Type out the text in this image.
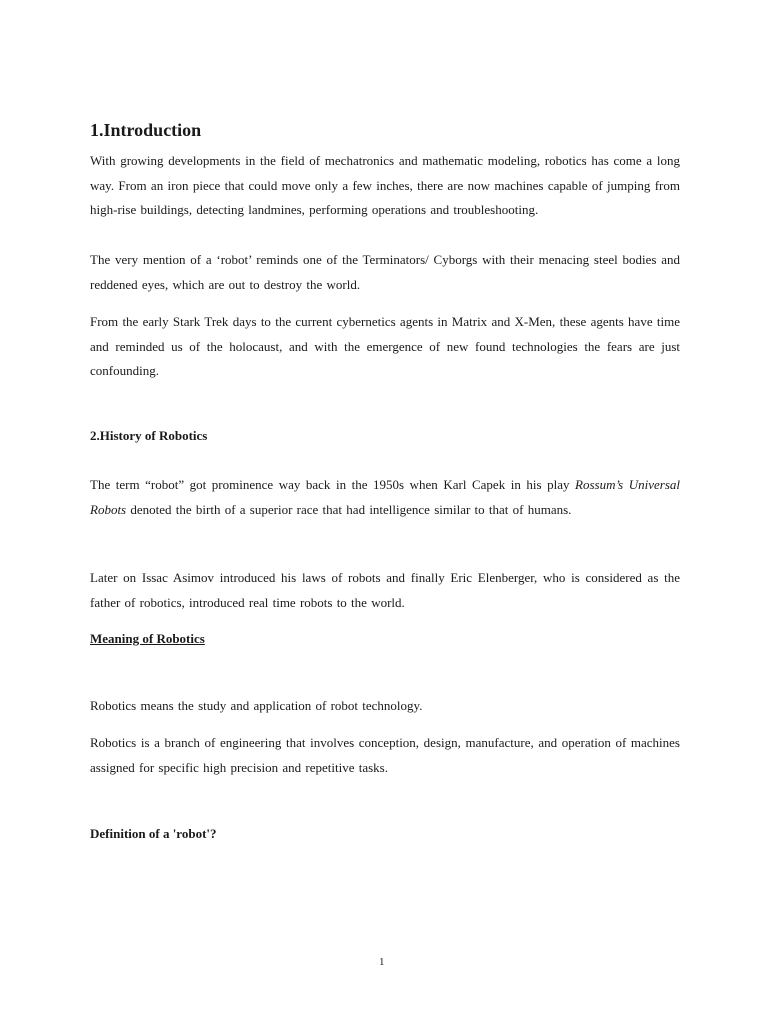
1.Introduction

With growing developments in the field of mechatronics and mathematic modeling, robotics has come a long way. From an iron piece that could move only a few inches, there are now machines capable of jumping from high-rise buildings, detecting landmines, performing operations and troubleshooting.

The very mention of a ‘robot’ reminds one of the Terminators/ Cyborgs with their menacing steel bodies and reddened eyes, which are out to destroy the world.

From the early Stark Trek days to the current cybernetics agents in Matrix and X-Men, these agents have time and reminded us of the holocaust, and with the emergence of new found technologies the fears are just confounding.

2.History of Robotics

The term “robot” got prominence way back in the 1950s when Karl Capek in his play Rossum’s Universal Robots denoted the birth of a superior race that had intelligence similar to that of humans.

Later on Issac Asimov introduced his laws of robots and finally Eric Elenberger, who is considered as the father of robotics, introduced real time robots to the world.

Meaning of Robotics

Robotics means the study and application of robot technology.

Robotics is a branch of engineering that involves conception, design, manufacture, and operation of machines assigned for specific high precision and repetitive tasks.

Definition of a 'robot'?
1
